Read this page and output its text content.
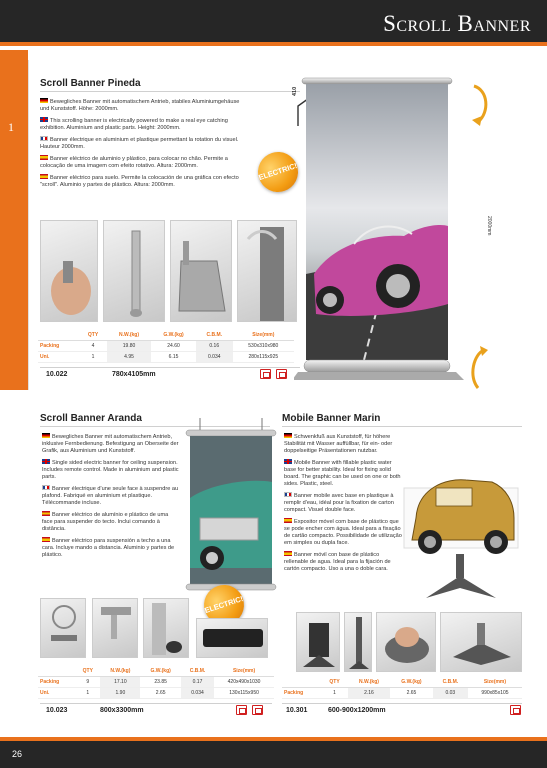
Scroll Banner
1
Scroll Banner Pineda

Bewegliches Banner mit automatischem Antrieb, stabiles Aluminiumgehäuse und Kunststoff. Höhe: 2000mm.

This scrolling banner is electrically powered to make a real eye catching exhibition. Aluminium and plastic parts. Height: 2000mm.

Banner électrique en aluminium et plastique permettant la rotation du visuel. Hauteur 2000mm.

Banner eléctrico de aluminio y plástico, para colocar no chão. Permite a colocação de uma imagem com efeito rotativo. Altura: 2000mm.

Banner eléctrico para suelo. Permite la colocación de una gráfica con efecto "scroll". Aluminio y partes de plástico. Altura: 2000mm.

ELECTRIC!
410
2000mm
	QTY	N.W.(kg)	G.W.(kg)	C.B.M.	Size(mm)
Packing	4	19.80	24.60	0.16	530x310x980
Uni.	1	4.95	6.15	0.034	280x115x925
10.022	780x4105mm
Scroll Banner Aranda

Bewegliches Banner mit automatischem Antrieb, inklusive Fernbedienung. Befestigung an Oberseite der Grafik, aus Aluminium und Kunststoff.

Single sided electric banner for ceiling suspension. Includes remote control. Made in aluminium and plastic parts.

Banner électrique d'une seule face à suspendre au plafond. Fabriqué en aluminium et plastique. Télécommande incluse.

Banner eléctrico de alumínio e plástico de uma face para suspender do tecto. Inclui comando à distância.

Banner eléctrico para suspensión a techo a una cara. Incluye mando a distancia. Aluminio y partes de plástico.

ELECTRIC!
	QTY	N.W.(kg)	G.W.(kg)	C.B.M.	Size(mm)
Packing	9	17.10	23.85	0.17	420x490x1030
Uni.	1	1.90	2.65	0.034	130x115x950
10.023	800x3300mm
Mobile Banner Marin

Schwenkfuß aus Kunststoff, für höhere Stabilität mit Wasser auffüllbar, für ein- oder doppelseitige Präsentationen nutzbar.

Mobile Banner with fillable plastic water base for better stability. Ideal for fixing solid board. The graphic can be used on one or both sides. Plastic, steel.

Banner mobile avec base en plastique à remplir d'eau, idéal pour la fixation de carton compact. Visuel double face.

Expositor móvel com base de plástico que se pode encher com água. Ideal para a fixação de cartão compacto. Possibilidade de utilização em simples ou dupla face.

Banner móvil con base de plástico rellenable de agua. Ideal para la fijación de cartón compacto. Uso a una o doble cara.

	QTY	N.W.(kg)	G.W.(kg)	C.B.M.	Size(mm)
Packing	1	2.16	2.65	0.03	990x85x105
10.301	600-900x1200mm
26
